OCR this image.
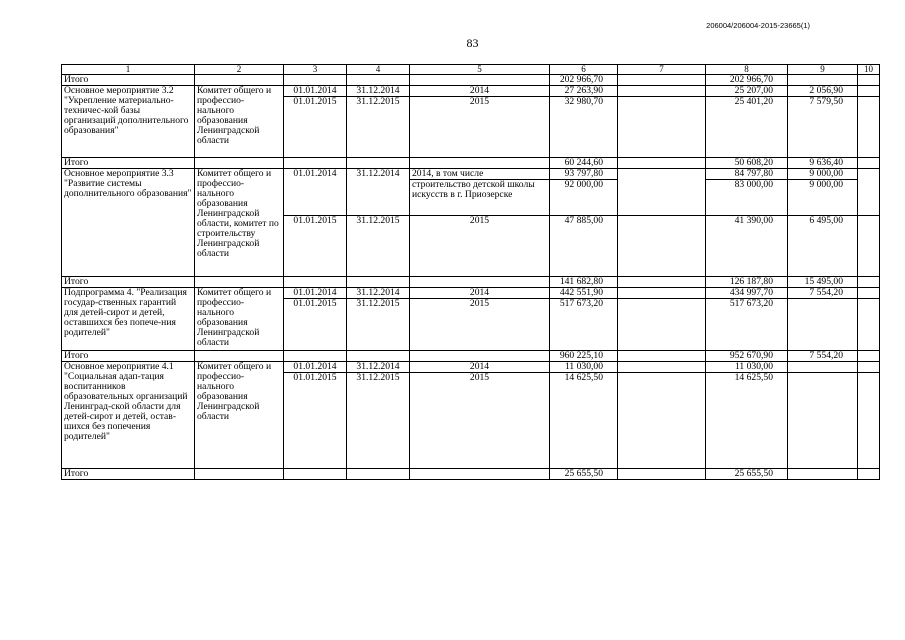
206004/206004-2015-23665(1)
83
1	2	3	4	5	6	7	8	9	10
Итого					202 966,70		202 966,70		
Основное мероприятие 3.2 "Укрепление материально-техничес-кой базы организаций дополнительного образования"	Комитет общего и профессио-нального образования Ленинградской области	01.01.2014	31.12.2014	2014	27 263,90		25 207,00	2 056,90	
		01.01.2015	31.12.2015	2015	32 980,70		25 401,20	7 579,50	
Итого					60 244,60		50 608,20	9 636,40	
Основное мероприятие 3.3 "Развитие системы дополнительного образования"	Комитет общего и профессио-нального образования Ленинградской области, комитет по строительству Ленинградской области	01.01.2014	31.12.2014	2014, в том числе	93 797,80		84 797,80	9 000,00	
				строительство детской школы искусств в г. Приозерске	92 000,00		83 000,00	9 000,00	
		01.01.2015	31.12.2015	2015	47 885,00		41 390,00	6 495,00	
Итого					141 682,80		126 187,80	15 495,00	
Подпрограмма 4. "Реализация государ-ственных гарантий для детей-сирот и детей, оставшихся без попече-ния родителей"	Комитет общего и профессио-нального образования Ленинградской области	01.01.2014	31.12.2014	2014	442 551,90		434 997,70	7 554,20	
		01.01.2015	31.12.2015	2015	517 673,20		517 673,20		
Итого					960 225,10		952 670,90	7 554,20	
Основное мероприятие 4.1 "Социальная адап-тация воспитанников образовательных организаций Ленинград-ской области для детей-сирот и детей, остав-шихся без попечения родителей"	Комитет общего и профессио-нального образования Ленинградской области	01.01.2014	31.12.2014	2014	11 030,00		11 030,00		
		01.01.2015	31.12.2015	2015	14 625,50		14 625,50		
Итого					25 655,50		25 655,50		
